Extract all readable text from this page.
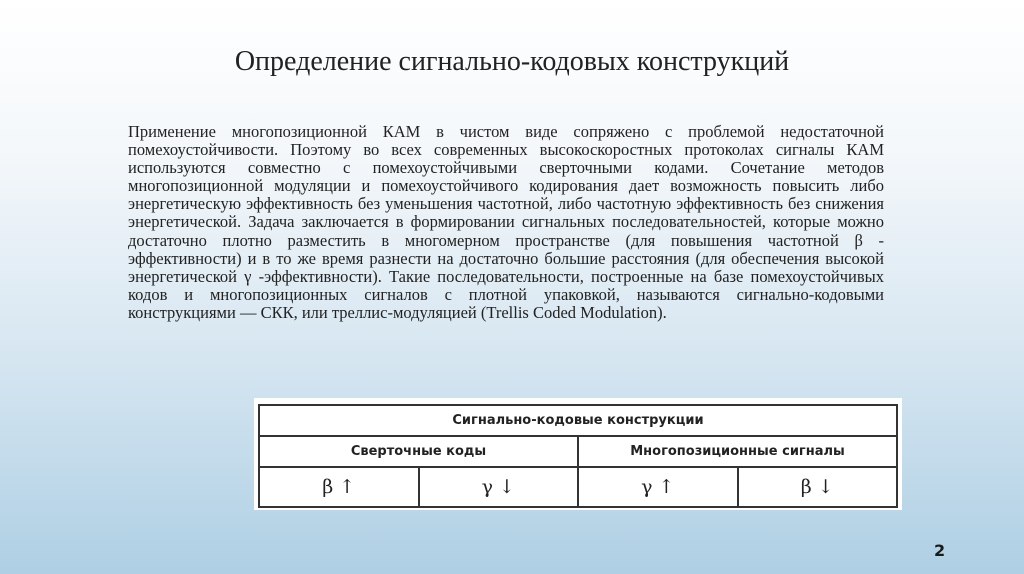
Определение сигнально-кодовых конструкций
Применение многопозиционной КАМ в чистом виде сопряжено с проблемой недостаточной помехоустойчивости. Поэтому во всех современных высокоскоростных протоколах сигналы КАМ используются совместно с помехоустойчивыми сверточными кодами. Сочетание методов многопозиционной модуляции и помехоустойчивого кодирования дает возможность повысить либо энергетическую эффективность без уменьшения частотной, либо частотную эффективность без снижения энергетической. Задача заключается в формировании сигнальных последовательностей, которые можно достаточно плотно разместить в многомерном пространстве (для повышения частотной β - эффективности) и в то же время разнести на достаточно большие расстояния (для обеспечения высокой энергетической γ -эффективности). Такие последовательности, построенные на базе помехоустойчивых кодов и многопозиционных сигналов с плотной упаковкой, называются сигнально-кодовыми конструкциями — СКК, или треллис-модуляцией (Trellis Coded Modulation).
Сигнально-кодовые конструкции			
Сверточные коды		Многопозиционные сигналы	
β ↑	γ ↓	γ ↑	β ↓
2
